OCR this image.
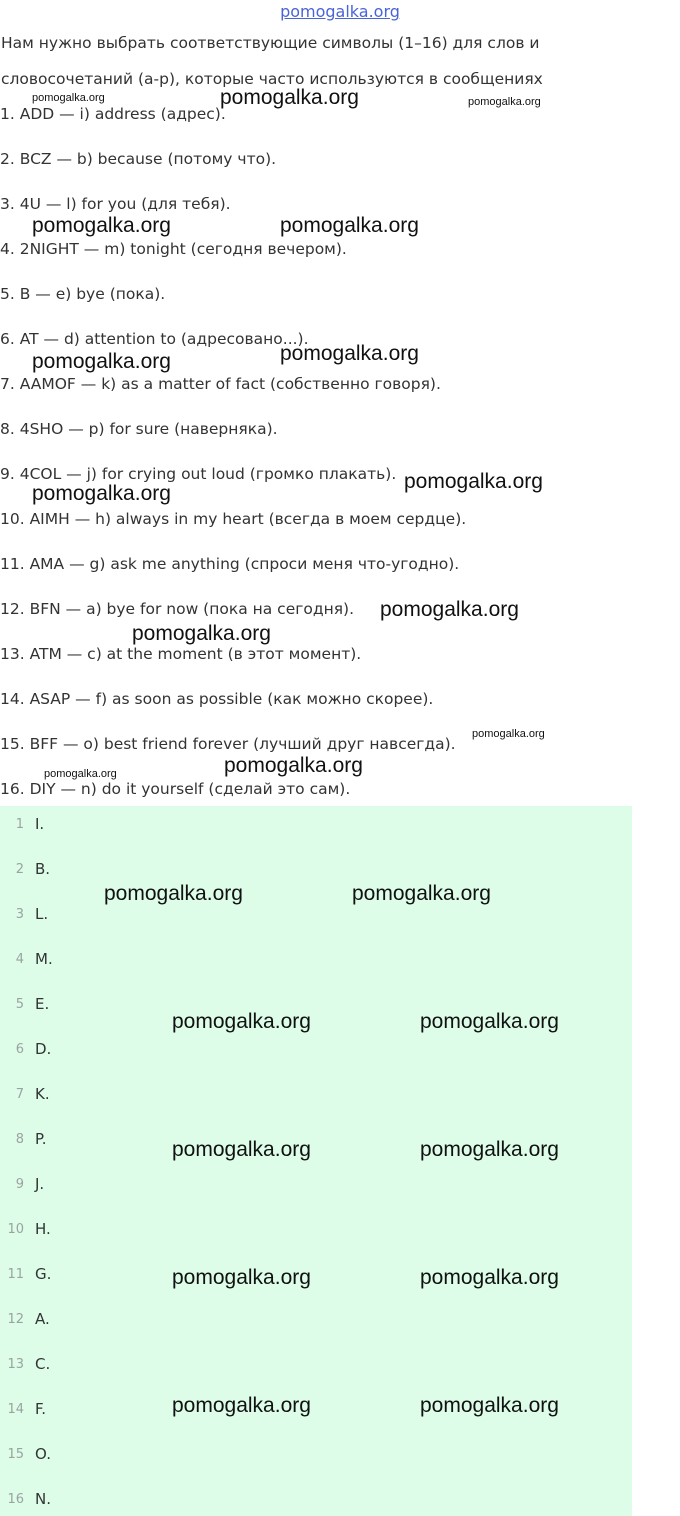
pomogalka.org
Нам нужно выбрать соответствующие символы (1–16) для слов и
словосочетаний (a-p), которые часто используются в сообщениях
1. ADD — i) address (адрес).
2. BCZ — b) because (потому что).
3. 4U — l) for you (для тебя).
4. 2NIGHT — m) tonight (сегодня вечером).
5. B — e) bye (пока).
6. AT — d) attention to (адресовано...).
7. AAMOF — k) as a matter of fact (собственно говоря).
8. 4SHO — p) for sure (наверняка).
9. 4COL — j) for crying out loud (громко плакать).
10. AIMH — h) always in my heart (всегда в моем сердце).
11. AMA — g) ask me anything (спроси меня что-угодно).
12. BFN — a) bye for now (пока на сегодня).
13. ATM — c) at the moment (в этот момент).
14. ASAP — f) as soon as possible (как можно скорее).
15. BFF — o) best friend forever (лучший друг навсегда).
16. DIY — n) do it yourself (сделай это сам).
1 I.
2 B.
3 L.
4 M.
5 E.
6 D.
7 K.
8 P.
9 J.
10 H.
11 G.
12 A.
13 C.
14 F.
15 O.
16 N.
pomogalka.org	pomogalka.org	pomogalka.org
pomogalka.org	pomogalka.org
pomogalka.org	pomogalka.org
pomogalka.org
pomogalka.org
pomogalka.org
pomogalka.org
pomogalka.org
pomogalka.org	pomogalka.org
pomogalka.org	pomogalka.org
pomogalka.org	pomogalka.org
pomogalka.org	pomogalka.org
pomogalka.org	pomogalka.org
pomogalka.org	pomogalka.org
